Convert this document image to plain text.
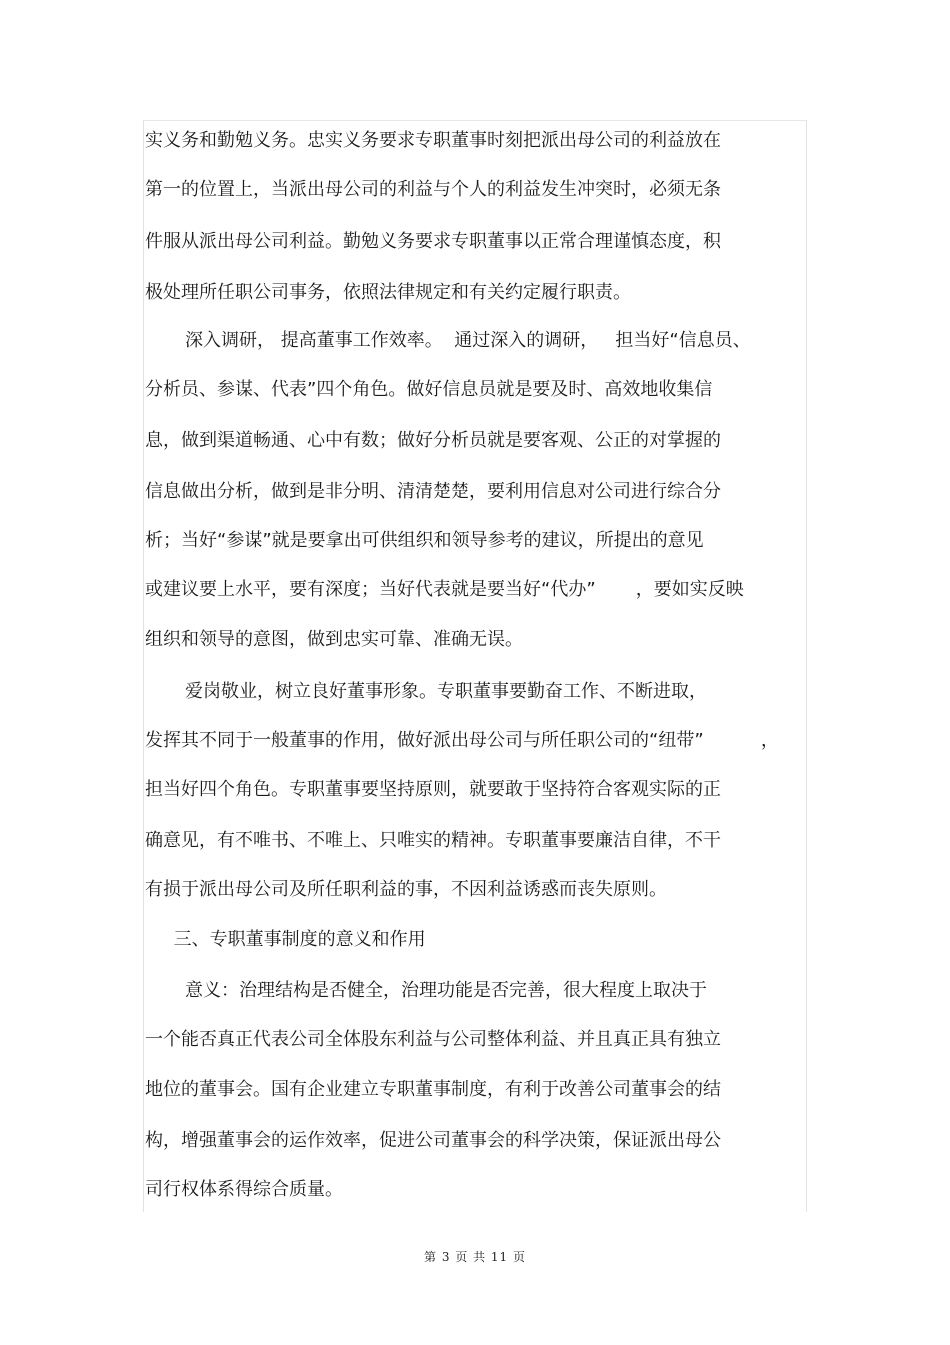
实义务和勤勉义务。忠实义务要求专职董事时刻把派出母公司的利益放在
第一的位置上，当派出母公司的利益与个人的利益发生冲突时，必须无条
件服从派出母公司利益。勤勉义务要求专职董事以正常合理谨慎态度，积
极处理所任职公司事务，依照法律规定和有关约定履行职责。
深入调研， 提高董事工作效率。  通过深入的调研，   担当好“信息员、
分析员、参谋、代表”四个角色。做好信息员就是要及时、高效地收集信
息，做到渠道畅通、心中有数；做好分析员就是要客观、公正的对掌握的
信息做出分析，做到是非分明、清清楚楚，要利用信息对公司进行综合分
析；当好“参谋”就是要拿出可供组织和领导参考的建议，所提出的意见
或建议要上水平，要有深度；当好代表就是要当好“代办”       ，要如实反映
组织和领导的意图，做到忠实可靠、准确无误。
爱岗敬业，树立良好董事形象。专职董事要勤奋工作、不断进取，
发挥其不同于一般董事的作用，做好派出母公司与所任职公司的“纽带”          ，
担当好四个角色。专职董事要坚持原则，就要敢于坚持符合客观实际的正
确意见，有不唯书、不唯上、只唯实的精神。专职董事要廉洁自律，不干
有损于派出母公司及所任职利益的事，不因利益诱惑而丧失原则。
三、专职董事制度的意义和作用
意义：治理结构是否健全，治理功能是否完善，很大程度上取决于
一个能否真正代表公司全体股东利益与公司整体利益、并且真正具有独立
地位的董事会。国有企业建立专职董事制度，有利于改善公司董事会的结
构，增强董事会的运作效率，促进公司董事会的科学决策，保证派出母公
司行权体系得综合质量。
第 3 页 共 11 页
